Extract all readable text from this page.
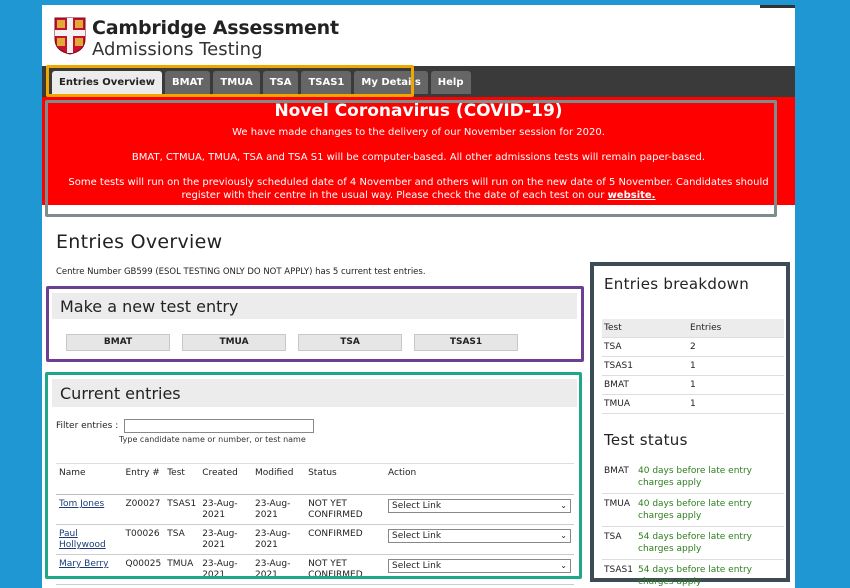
Cambridge Assessment
Admissions Testing
Entries Overview	BMAT	TMUA	TSA	TSAS1	My Details	Help
Novel Coronavirus (COVID-19)

We have made changes to the delivery of our November session for 2020.

BMAT, CTMUA, TMUA, TSA and TSA S1 will be computer-based. All other admissions tests will remain paper-based.

Some tests will run on the previously scheduled date of 4 November and others will run on the new date of 5 November. Candidates should register with their centre in the usual way. Please check the date of each test on our website.

Entries Overview
Centre Number GB599 (ESOL TESTING ONLY DO NOT APPLY) has 5 current test entries.
Make a new test entry
BMAT	TMUA	TSA	TSAS1
Current entries
Filter entries :
Type candidate name or number, or test name
Name	Entry #	Test	Created	Modified	Status	Action
Tom Jones	Z00027	TSAS1	23-Aug-2021	23-Aug-2021	NOT YET CONFIRMED	Select Link ⌄

Paul Hollywood	T00026	TSA	23-Aug-2021	23-Aug-2021	CONFIRMED	Select Link ⌄

Mary Berry	Q00025	TMUA	23-Aug-2021	23-Aug-2021	NOT YET CONFIRMED	Select Link ⌄
Entries breakdown
Test	Entries
TSA	2
TSAS1	1
BMAT	1
TMUA	1
Test status
BMAT	40 days before late entry charges apply
TMUA	40 days before late entry charges apply
TSA	54 days before late entry charges apply
TSAS1	54 days before late entry charges apply
